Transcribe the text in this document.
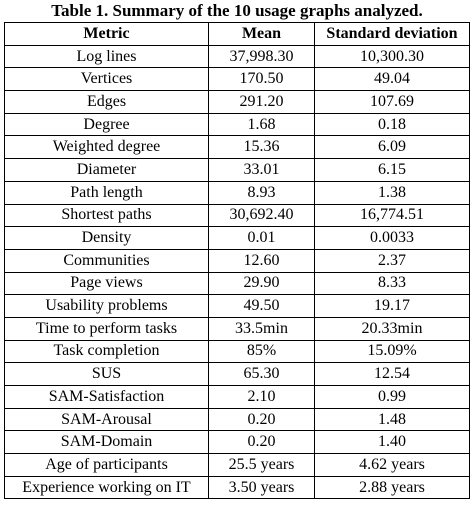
Table 1. Summary of the 10 usage graphs analyzed.
Metric	Mean	Standard deviation
Log lines	37,998.30	10,300.30
Vertices	170.50	49.04
Edges	291.20	107.69
Degree	1.68	0.18
Weighted degree	15.36	6.09
Diameter	33.01	6.15
Path length	8.93	1.38
Shortest paths	30,692.40	16,774.51
Density	0.01	0.0033
Communities	12.60	2.37
Page views	29.90	8.33
Usability problems	49.50	19.17
Time to perform tasks	33.5min	20.33min
Task completion	85%	15.09%
SUS	65.30	12.54
SAM-Satisfaction	2.10	0.99
SAM-Arousal	0.20	1.48
SAM-Domain	0.20	1.40
Age of participants	25.5 years	4.62 years
Experience working on IT	3.50 years	2.88 years
